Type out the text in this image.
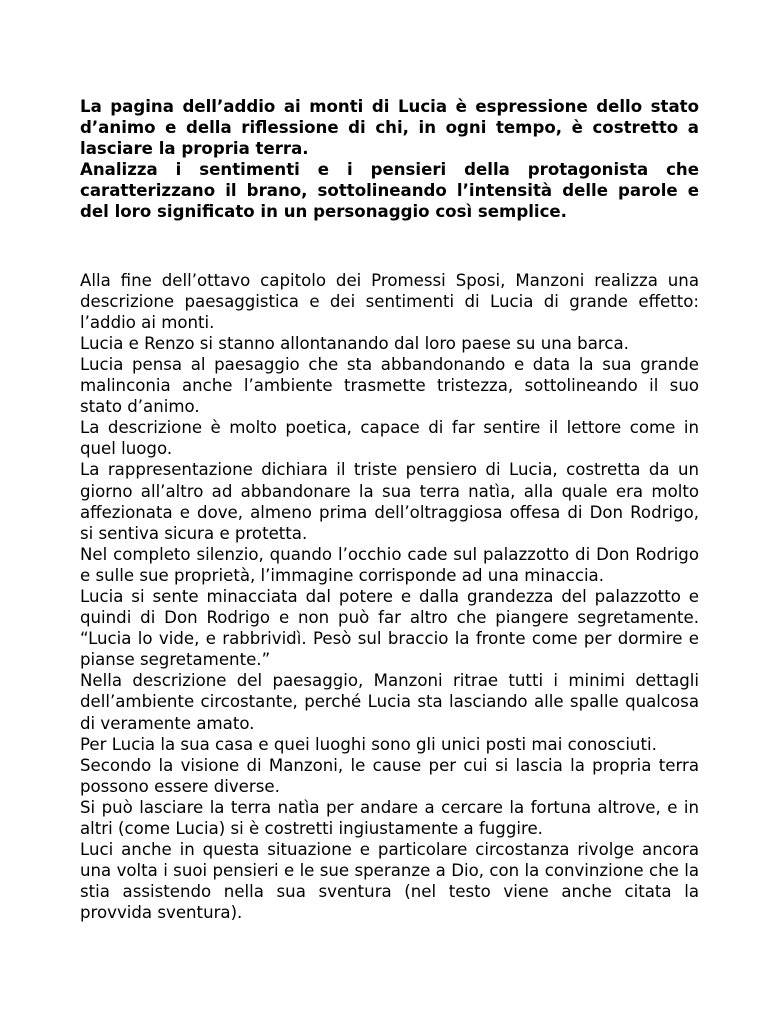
La pagina dell’addio ai monti di Lucia è espressione dello stato d’animo e della riflessione di chi, in ogni tempo, è costretto a lasciare la propria terra.

Analizza i sentimenti e i pensieri della protagonista che caratterizzano il brano, sottolineando l’intensità delle parole e del loro significato in un personaggio così semplice.

Alla fine dell’ottavo capitolo dei Promessi Sposi, Manzoni realizza una descrizione paesaggistica e dei sentimenti di Lucia di grande effetto: l’addio ai monti.

Lucia e Renzo si stanno allontanando dal loro paese su una barca.

Lucia pensa al paesaggio che sta abbandonando e data la sua grande malinconia anche l’ambiente trasmette tristezza, sottolineando il suo stato d’animo.

La descrizione è molto poetica, capace di far sentire il lettore come in quel luogo.

La rappresentazione dichiara il triste pensiero di Lucia, costretta da un giorno all’altro ad abbandonare la sua terra natìa, alla quale era molto affezionata e dove, almeno prima dell’oltraggiosa offesa di Don Rodrigo, si sentiva sicura e protetta.

Nel completo silenzio, quando l’occhio cade sul palazzotto di Don Rodrigo e sulle sue proprietà, l’immagine corrisponde ad una minaccia.

Lucia si sente minacciata dal potere e dalla grandezza del palazzotto e quindi di Don Rodrigo e non può far altro che piangere segretamente. “Lucia lo vide, e rabbrividì. Pesò sul braccio la fronte come per dormire e pianse segretamente.”

Nella descrizione del paesaggio, Manzoni ritrae tutti i minimi dettagli dell’ambiente circostante, perché Lucia sta lasciando alle spalle qualcosa di veramente amato.

Per Lucia la sua casa e quei luoghi sono gli unici posti mai conosciuti.

Secondo la visione di Manzoni, le cause per cui si lascia la propria terra possono essere diverse.

Si può lasciare la terra natìa per andare a cercare la fortuna altrove, e in altri (come Lucia) si è costretti ingiustamente a fuggire.

Luci anche in questa situazione e particolare circostanza rivolge ancora una volta i suoi pensieri e le sue speranze a Dio, con la convinzione che la stia assistendo nella sua sventura (nel testo viene anche citata la provvida sventura).
